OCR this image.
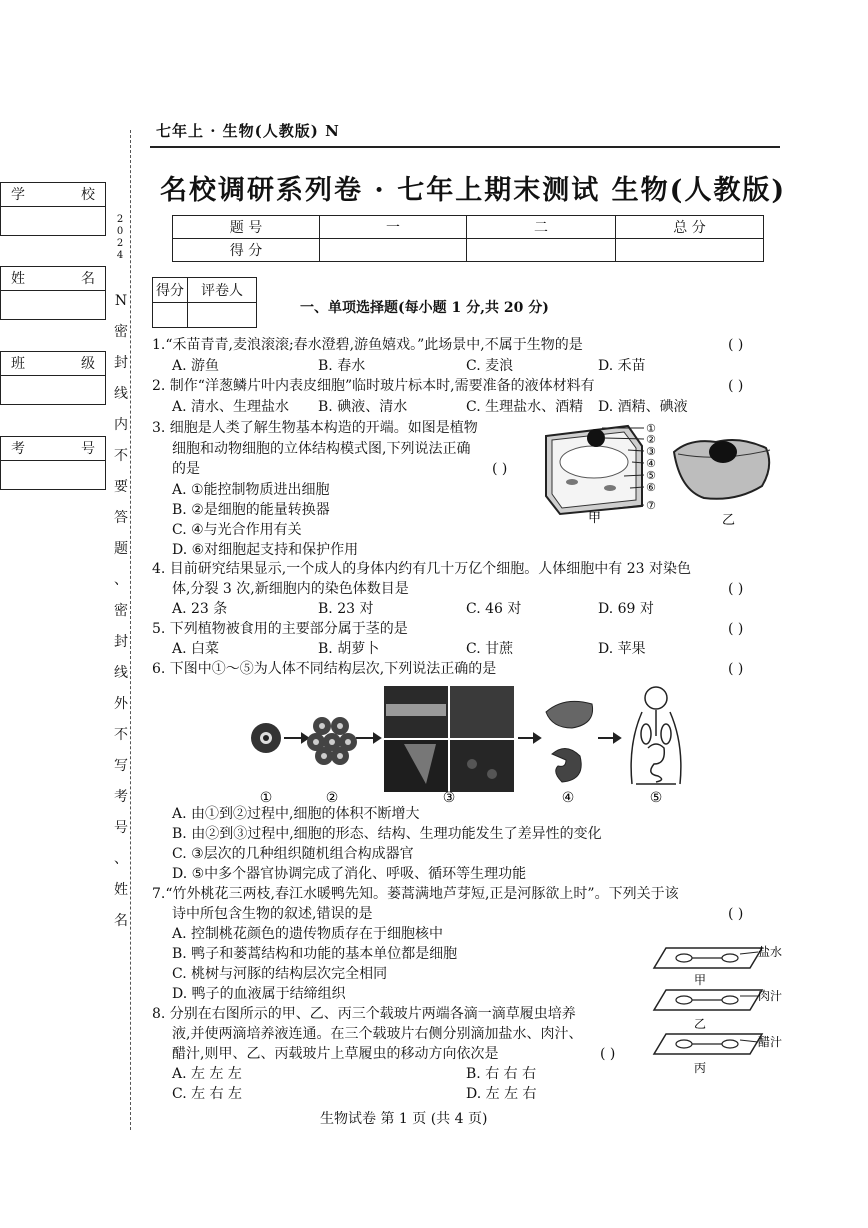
七年上 · 生物(人教版) N
名校调研系列卷 · 七年上期末测试 生物(人教版)
学	校
姓	名
班	级
考	号
2
0
2
4
N
密
封
线
内
不
要
答
题
、
密
封
线
外
不
写
考
号
、
姓
名
题 号	一	二	总 分
得 分			
得分	评卷人

一、单项选择题(每小题 1 分,共 20 分)
1.“禾苗青青,麦浪滚滚;春水澄碧,游鱼嬉戏。”此场景中,不属于生物的是	( )
A. 游鱼	B. 春水	C. 麦浪	D. 禾苗
2. 制作“洋葱鳞片叶内表皮细胞”临时玻片标本时,需要准备的液体材料有	( )
A. 清水、生理盐水 B. 碘液、清水	C. 生理盐水、酒精 D. 酒精、碘液
3. 细胞是人类了解生物基本构造的开端。如图是植物
细胞和动物细胞的立体结构模式图,下列说法正确
的是	( )
A. ①能控制物质进出细胞
B. ②是细胞的能量转换器
C. ④与光合作用有关
D. ⑥对细胞起支持和保护作用
①
②
③
④
⑤
⑥
⑦
甲	乙
4. 目前研究结果显示,一个成人的身体内约有几十万亿个细胞。人体细胞中有 23 对染色
体,分裂 3 次,新细胞内的染色体数目是	( )
A. 23 条	B. 23 对	C. 46 对	D. 69 对
5. 下列植物被食用的主要部分属于茎的是	( )
A. 白菜	B. 胡萝卜	C. 甘蔗	D. 苹果
6. 下图中①～⑤为人体不同结构层次,下列说法正确的是	( )
①	②	③	④	⑤
A. 由①到②过程中,细胞的体积不断增大
B. 由②到③过程中,细胞的形态、结构、生理功能发生了差异性的变化
C. ③层次的几种组织随机组合构成器官
D. ⑤中多个器官协调完成了消化、呼吸、循环等生理功能
7.“竹外桃花三两枝,春江水暖鸭先知。蒌蒿满地芦芽短,正是河豚欲上时”。下列关于该
诗中所包含生物的叙述,错误的是	( )
A. 控制桃花颜色的遗传物质存在于细胞核中
B. 鸭子和蒌蒿结构和功能的基本单位都是细胞
C. 桃树与河豚的结构层次完全相同
D. 鸭子的血液属于结缔组织
8. 分别在右图所示的甲、乙、丙三个载玻片两端各滴一滴草履虫培养
液,并使两滴培养液连通。在三个载玻片右侧分别滴加盐水、肉汁、
醋汁,则甲、乙、丙载玻片上草履虫的移动方向依次是	( )
A. 左 左 左	B. 右 右 右
C. 左 右 左	D. 左 左 右
盐水
肉汁
醋汁
甲
乙
丙
生物试卷 第 1 页 (共 4 页)
